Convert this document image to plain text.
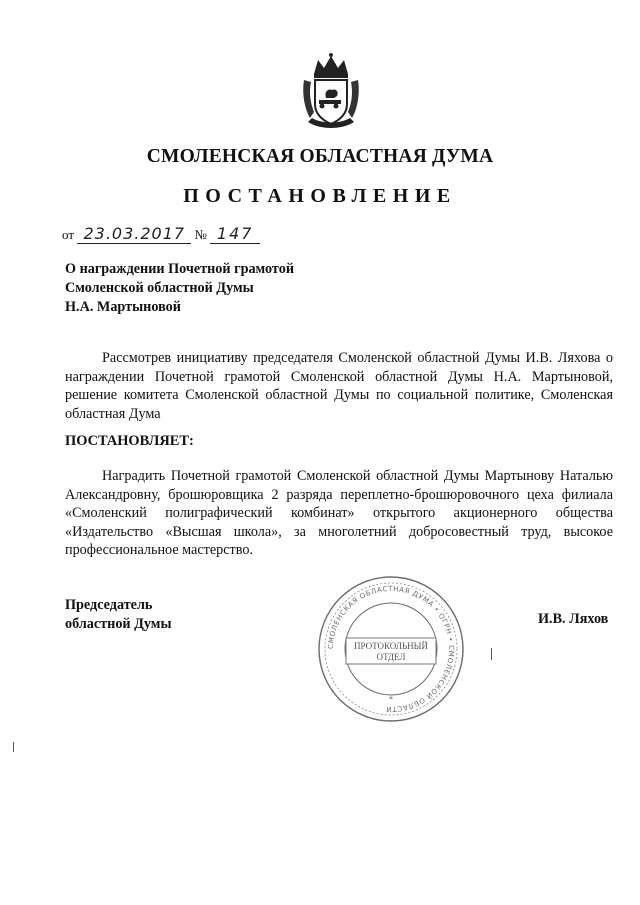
СМОЛЕНСКАЯ ОБЛАСТНАЯ ДУМА
ПОСТАНОВЛЕНИЕ
от 23.03.2017 № 147
О награждении Почетной грамотой
Смоленской областной Думы
Н.А. Мартыновой
Рассмотрев инициативу председателя Смоленской областной Думы И.В. Ляхова о награждении Почетной грамотой Смоленской областной Думы Н.А. Мартыновой, решение комитета Смоленской областной Думы по социальной политике, Смоленская областная Дума
ПОСТАНОВЛЯЕТ:
Наградить Почетной грамотой Смоленской областной Думы Мартынову Наталью Александровну, брошюровщика 2 разряда переплетно-брошюровочного цеха филиала «Смоленский полиграфический комбинат» открытого акционерного общества «Издательство «Высшая школа», за многолетний добросовестный труд, высокое профессиональное мастерство.
Председатель
областной Думы	И.В. Ляхов
СМОЛЕНСКАЯ ОБЛАСТНАЯ ДУМА • ОГРН • СМОЛЕНСКОЙ ОБЛАСТИ
ПРОТОКОЛЬНЫЙ
ОТДЕЛ
*
